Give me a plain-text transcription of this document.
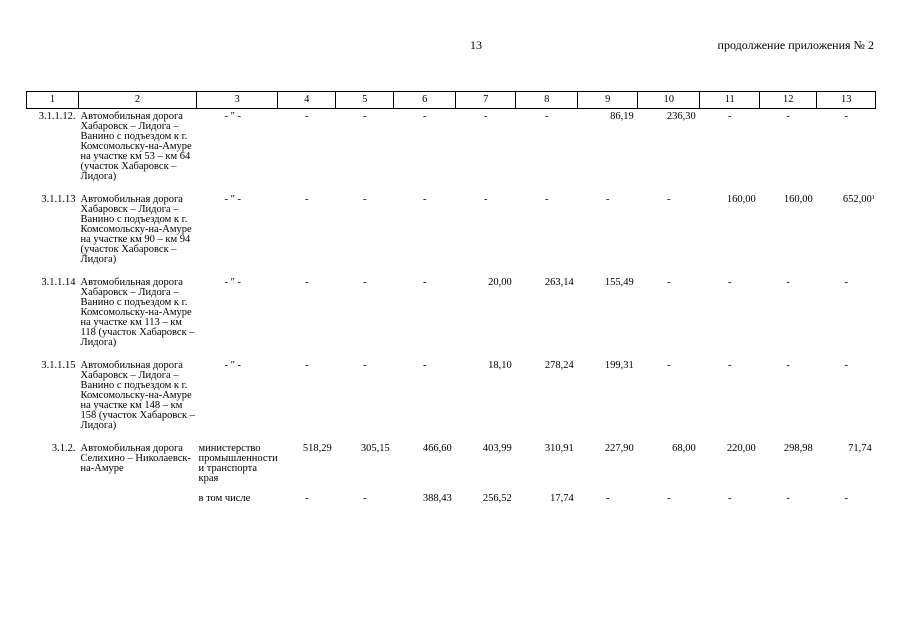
13	продолжение приложения № 2
1	2	3	4	5	6	7	8	9	10	11	12	13
3.1.1.12.	Автомобильная дорога Хабаровск – Лидога – Ванино с подъездом к г. Комсомольску-на-Амуре на участке км 53 – км 64 (участок Хабаровск – Лидога)	- " -	-	-	-	-	-	86,19	236,30	-	-	-
3.1.1.13	Автомобильная дорога Хабаровск – Лидога – Ванино с подъездом к г. Комсомольску-на-Амуре на участке км 90 – км 94 (участок Хабаровск – Лидога)	- " -	-	-	-	-	-	-	-	160,00	160,00	652,00$^1$
3.1.1.14	Автомобильная дорога Хабаровск – Лидога – Ванино с подъездом к г. Комсомольску-на-Амуре на участке км 113 – км 118 (участок Хабаровск – Лидога)	- " -	-	-	-	20,00	263,14	155,49	-	-	-	-
3.1.1.15	Автомобильная дорога Хабаровск – Лидога – Ванино с подъездом к г. Комсомольску-на-Амуре на участке км 148 – км 158 (участок Хабаровск – Лидога)	- " -	-	-	-	18,10	278,24	199,31	-	-	-	-
3.1.2.	Автомобильная дорога Селихино – Николаевск-на-Амуре	министерство промышленности и транспорта края	518,29	305,15	466,60	403,99	310,91	227,90	68,00	220,00	298,98	71,74
		в том числе	-	-	388,43	256,52	17,74	-	-	-	-	-
